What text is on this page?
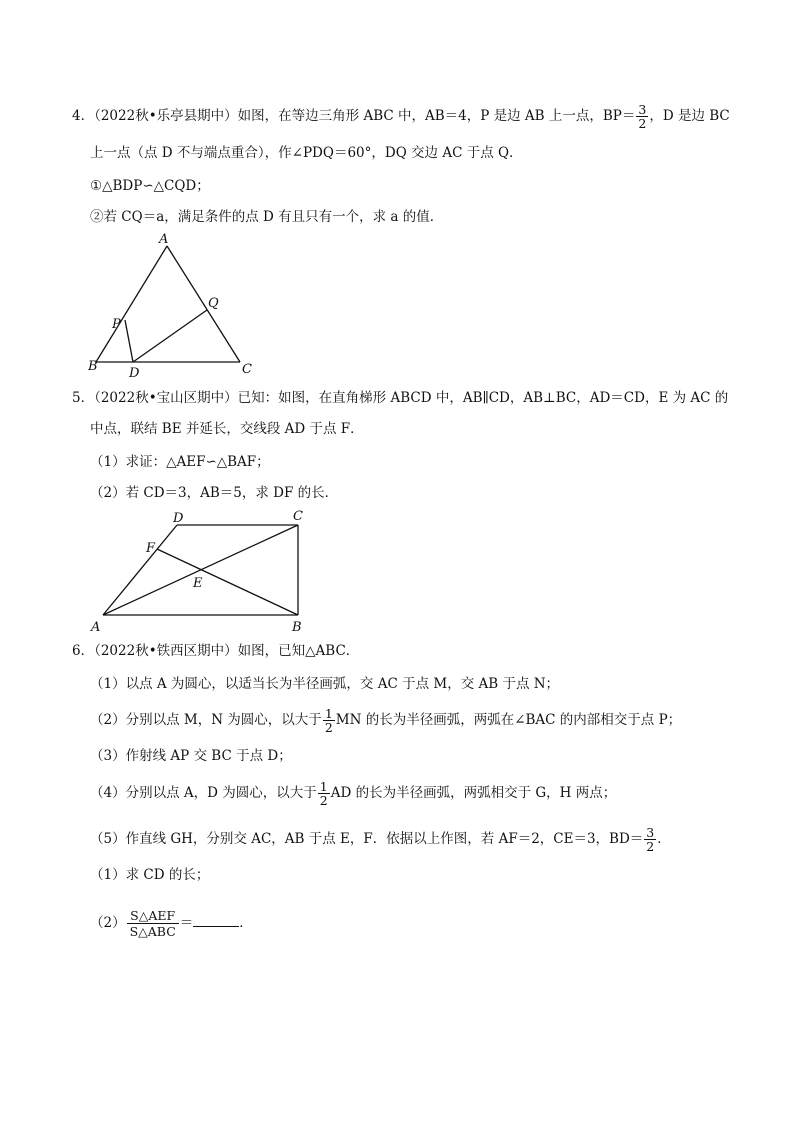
4．（2022秋•乐亭县期中）如图，在等边三角形 ABC 中，AB＝4，P 是边 AB 上一点，$BP= \frac{3}{2}$ ，D 是边 BC
上一点（点 D 不与端点重合），作∠PDQ＝60°，DQ 交边 AC 于点 Q．
①△BDP∽△CQD；
②若 CQ＝a，满足条件的点 D 有且只有一个，求 a 的值．
A
B	C
D
P
Q
5．（2022秋•宝山区期中）已知：如图，在直角梯形 ABCD 中，AB∥CD，AB⊥BC，AD＝CD，E 为 AC 的
中点，联结 BE 并延长，交线段 AD 于点 F．
（1）求证：△AEF∽△BAF；
（2）若 CD＝3，AB＝5，求 DF 的长．
D	C
F
E
A	B
6．（2022秋•铁西区期中）如图，已知△ABC．
（1）以点 A 为圆心，以适当长为半径画弧，交 AC 于点 M，交 AB 于点 N；
（2）分别以点 M，N 为圆心，以大于 $\frac{1}{2}$ MN 的长为半径画弧，两弧在∠BAC 的内部相交于点 P；
（3）作射线 AP 交 BC 于点 D；
（4）分别以点 A，D 为圆心，以大于 $\frac{1}{2}$ AD 的长为半径画弧，两弧相交于 G，H 两点；
（5）作直线 GH，分别交 AC，AB 于点 E，F．依据以上作图，若 AF＝2，CE＝3，$BD= \frac{3}{2}$ ．
（1）求 CD 的长；
$(2) \frac{\text{S△AEF}}{\text{S△ABC}}$ ＝	．
